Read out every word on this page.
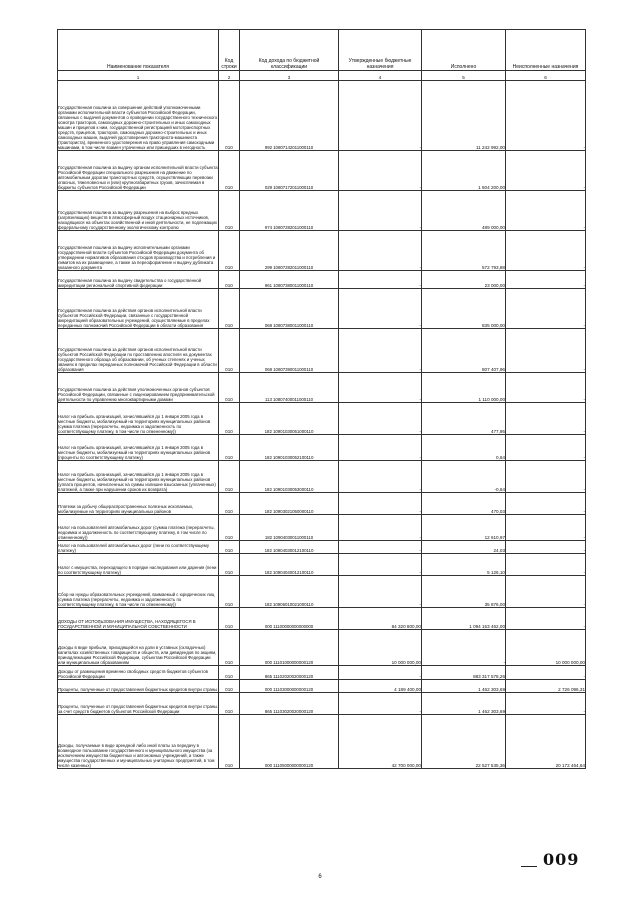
Наименование показателя	Код строки	Код дохода по бюджетной классификации	Утвержденные бюджетные назначения	Исполнено	Неисполненные назначения
1	2	3	4	5	6
Государственная пошлина за совершение действий уполномоченными органами исполнительной власти субъектов Российской Федерации, связанных с выдачей документов о проведении государственного технического осмотра тракторов, самоходных дорожно-строительных и иных самоходных машин и прицепов к ним, государственной регистрацией мототранспортных средств, прицепов, тракторов, самоходных дорожно-строительных и иных самоходных машин, выдачей удостоверения тракториста-машиниста (тракториста), временного удостоверения на право управления самоходными машинами, в том числе взамен утраченных или пришедших в негодность	010	992 10807142011000110	-	11 242 992,00	-
Государственная пошлина за выдачу органом исполнительной власти субъекта Российской Федерации специального разрешения на движение по автомобильным дорогам транспортных средств, осуществляющих перевозки опасных, тяжеловесных и (или) крупногабаритных грузов, зачисляемая в бюджеты субъектов Российской Федерации	010	029 10807172011000110	-	1 504 200,00	-
Государственная пошлина за выдачу разрешения на выброс вредных (загрязняющих) веществ в атмосферный воздух стационарных источников, находящихся на объектах хозяйственной и иной деятельности, не подлежащих федеральному государственному экологическому контролю	010	974 10807282011000110	-	489 000,00	-
Государственная пошлина за выдачу исполнительными органами государственной власти субъектов Российской Федерации документа об утверждении нормативов образования отходов производства и потребления и лимитов на их размещение, а также за переоформление и выдачу дубликата указанного документа	010	299 10807282011000110	-	572 793,88	-
Государственная пошлина за выдачу свидетельства о государственной аккредитации региональной спортивной федерации	010	961 10807380011000110	-	23 000,00	-
Государственная пошлина за действия органов исполнительной власти субъектов Российской Федерации, связанные с государственной аккредитацией образовательных учреждений, осуществляемые в пределах переданных полномочий Российской Федерации в области образования	010	068 10807380011000110	-	835 000,00	-
Государственная пошлина за действия органов исполнительной власти субъектов Российской Федерации по проставлению апостиля на документах государственного образца об образовании, об ученых степенях и ученых званиях в пределах переданных полномочий Российской Федерации в области образования	010	068 10807390011000110	-	807 407,96	-
Государственная пошлина за действия уполномоченных органов субъектов Российской Федерации, связанные с лицензированием предпринимательской деятельности по управлению многоквартирными домами	010	113 10807400011000110	-	1 110 000,00	-
Налог на прибыль организаций, зачислявшийся до 1 января 2005 года в местные бюджеты, мобилизуемый на территориях муниципальных районов (сумма платежа (перерасчеты, недоимка и задолженность по соответствующему платежу, в том числе по отмененному))	010	182 10901030051000110	-	477,95	-
Налог на прибыль организаций, зачислявшийся до 1 января 2005 года в местные бюджеты, мобилизуемый на территориях муниципальных районов (проценты по соответствующему платежу)	010	182 10901030052100110	-	0,64	-
Налог на прибыль организаций, зачислявшийся до 1 января 2005 года в местные бюджеты, мобилизуемый на территориях муниципальных районов (уплата процентов, начисленных на суммы излишне взысканных (уплаченных) платежей, а также при нарушении сроков их возврата)	010	182 10901030053000110	-	-0,64	-
Платежи за добычу общераспространенных полезных ископаемых, мобилизуемые на территориях муниципальных районов	010	182 10903021050000110	-	470,03	-
Налог на пользователей автомобильных дорог (сумма платежа (перерасчеты, недоимка и задолженность по соответствующему платежу, в том числе по отмененному))	010	182 10904030011000110	-	12 610,97	-
Налог на пользователей автомобильных дорог (пени по соответствующему платежу)	010	182 10904030012100110	-	24,03	-
Налог с имущества, переходящего в порядке наследования или дарения (пени по соответствующему платежу)	010	182 10904040012100110	-	5 126,10	-
Сбор на нужды образовательных учреждений, взимаемый с юридических лиц (сумма платежа (перерасчеты, недоимка и задолженность по соответствующему платежу, в том числе по отмененному))	010	182 10906010021000110	-	35 876,00	-
ДОХОДЫ ОТ ИСПОЛЬЗОВАНИЯ ИМУЩЕСТВА, НАХОДЯЩЕГОСЯ В ГОСУДАРСТВЕННОЙ И МУНИЦИПАЛЬНОЙ СОБСТВЕННОСТИ	010	000 11100000000000000	84 320 800,00	1 094 153 462,00	-
Доходы в виде прибыли, приходящейся на доли в уставных (складочных) капиталах хозяйственных товариществ и обществ, или дивидендов по акциям, принадлежащим Российской Федерации, субъектам Российской Федерации или муниципальным образованиям	010	000 11101000000000120	10 000 000,00	-	10 000 000,00
Доходы от размещения временно свободных средств бюджетов субъектов Российской Федерации	010	865 11102020020000120	-	883 317 578,26	-
Проценты, полученные от предоставления бюджетных кредитов внутри страны	010	000 11103000000000120	4 189 400,00	1 462 303,69	2 726 096,31
Проценты, полученные от предоставления бюджетных кредитов внутри страны за счет средств бюджетов субъектов Российской Федерации	010	865 11103020020000120	-	1 462 303,69	-
Доходы, получаемые в виде арендной либо иной платы за передачу в возмездное пользование государственного и муниципального имущества (за исключением имущества бюджетных и автономных учреждений, а также имущества государственных и муниципальных унитарных предприятий, в том числе казенных)	010	000 11105000000000120	42 700 000,00	22 527 535,36	20 172 464,64
009
6
